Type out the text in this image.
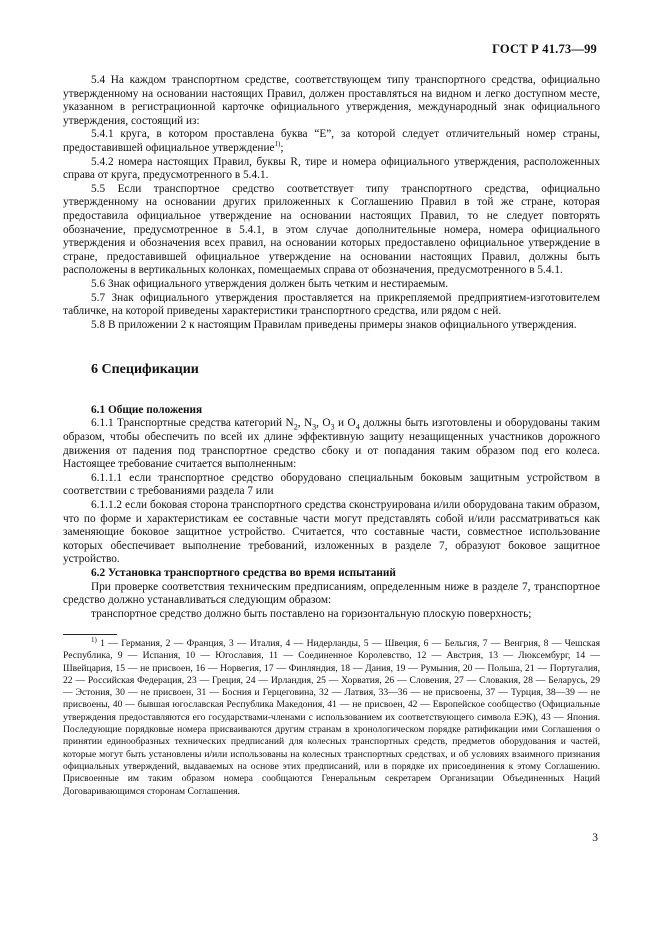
ГОСТ Р 41.73—99

5.4 На каждом транспортном средстве, соответствующем типу транспортного средства, официально утвержденному на основании настоящих Правил, должен проставляться на видном и легко доступном месте, указанном в регистрационной карточке официального утверждения, международный знак официального утверждения, состоящий из:

5.4.1 круга, в котором проставлена буква “Е”, за которой следует отличительный номер страны, предоставившей официальное утверждение$^{1)}$;

5.4.2 номера настоящих Правил, буквы R, тире и номера официального утверждения, расположенных справа от круга, предусмотренного в 5.4.1.

5.5 Если транспортное средство соответствует типу транспортного средства, официально утвержденному на основании других приложенных к Соглашению Правил в той же стране, которая предоставила официальное утверждение на основании настоящих Правил, то не следует повторять обозначение, предусмотренное в 5.4.1, в этом случае дополнительные номера, номера официального утверждения и обозначения всех правил, на основании которых предоставлено официальное утверждение в стране, предоставившей официальное утверждение на основании настоящих Правил, должны быть расположены в вертикальных колонках, помещаемых справа от обозначения, предусмотренного в 5.4.1.

5.6 Знак официального утверждения должен быть четким и нестираемым.

5.7 Знак официального утверждения проставляется на прикрепляемой предприятием-изготовителем табличке, на которой приведены характеристики транспортного средства, или рядом с ней.

5.8 В приложении 2 к настоящим Правилам приведены примеры знаков официального утверждения.

6 Спецификации
6.1 Общие положения

6.1.1 Транспортные средства категорий $N_2$, $N_3$, $O_3$ и $O_4$ должны быть изготовлены и оборудованы таким образом, чтобы обеспечить по всей их длине эффективную защиту незащищенных участников дорожного движения от падения под транспортное средство сбоку и от попадания таким образом под его колеса. Настоящее требование считается выполненным:

6.1.1.1 если транспортное средство оборудовано специальным боковым защитным устройством в соответствии с требованиями раздела 7 или

6.1.1.2 если боковая сторона транспортного средства сконструирована и/или оборудована таким образом, что по форме и характеристикам ее составные части могут представлять собой и/или рассматриваться как заменяющие боковое защитное устройство. Считается, что составные части, совместное использование которых обеспечивает выполнение требований, изложенных в разделе 7, образуют боковое защитное устройство.

6.2 Установка транспортного средства во время испытаний

При проверке соответствия техническим предписаниям, определенным ниже в разделе 7, транспортное средство должно устанавливаться следующим образом:

транспортное средство должно быть поставлено на горизонтальную плоскую поверхность;

$^{1)}$ 1 — Германия, 2 — Франция, 3 — Италия, 4 — Нидерланды, 5 — Швеция, 6 — Бельгия, 7 — Венгрия, 8 — Чешская Республика, 9 — Испания, 10 — Югославия, 11 — Соединенное Королевство, 12 — Австрия, 13 — Люксембург, 14 — Швейцария, 15 — не присвоен, 16 — Норвегия, 17 — Финляндия, 18 — Дания, 19 — Румыния, 20 — Польша, 21 — Португалия, 22 — Российская Федерация, 23 — Греция, 24 — Ирландия, 25 — Хорватия, 26 — Словения, 27 — Словакия, 28 — Беларусь, 29 — Эстония, 30 — не присвоен, 31 — Босния и Герцеговина, 32 — Латвия, 33—36 — не присвоены, 37 — Турция, 38—39 — не присвоены, 40 — бывшая югославская Республика Македония, 41 — не присвоен, 42 — Европейское сообщество (Официальные утверждения предоставляются его государствами-членами с использованием их соответствующего символа ЕЭК), 43 — Япония. Последующие порядковые номера присваиваются другим странам в хронологическом порядке ратификации ими Соглашения о принятии единообразных технических предписаний для колесных транспортных средств, предметов оборудования и частей, которые могут быть установлены и/или использованы на колесных транспортных средствах, и об условиях взаимного признания официальных утверждений, выдаваемых на основе этих предписаний, или в порядке их присоединения к этому Соглашению. Присвоенные им таким образом номера сообщаются Генеральным секретарем Организации Объединенных Наций Договаривающимся сторонам Соглашения.

3
